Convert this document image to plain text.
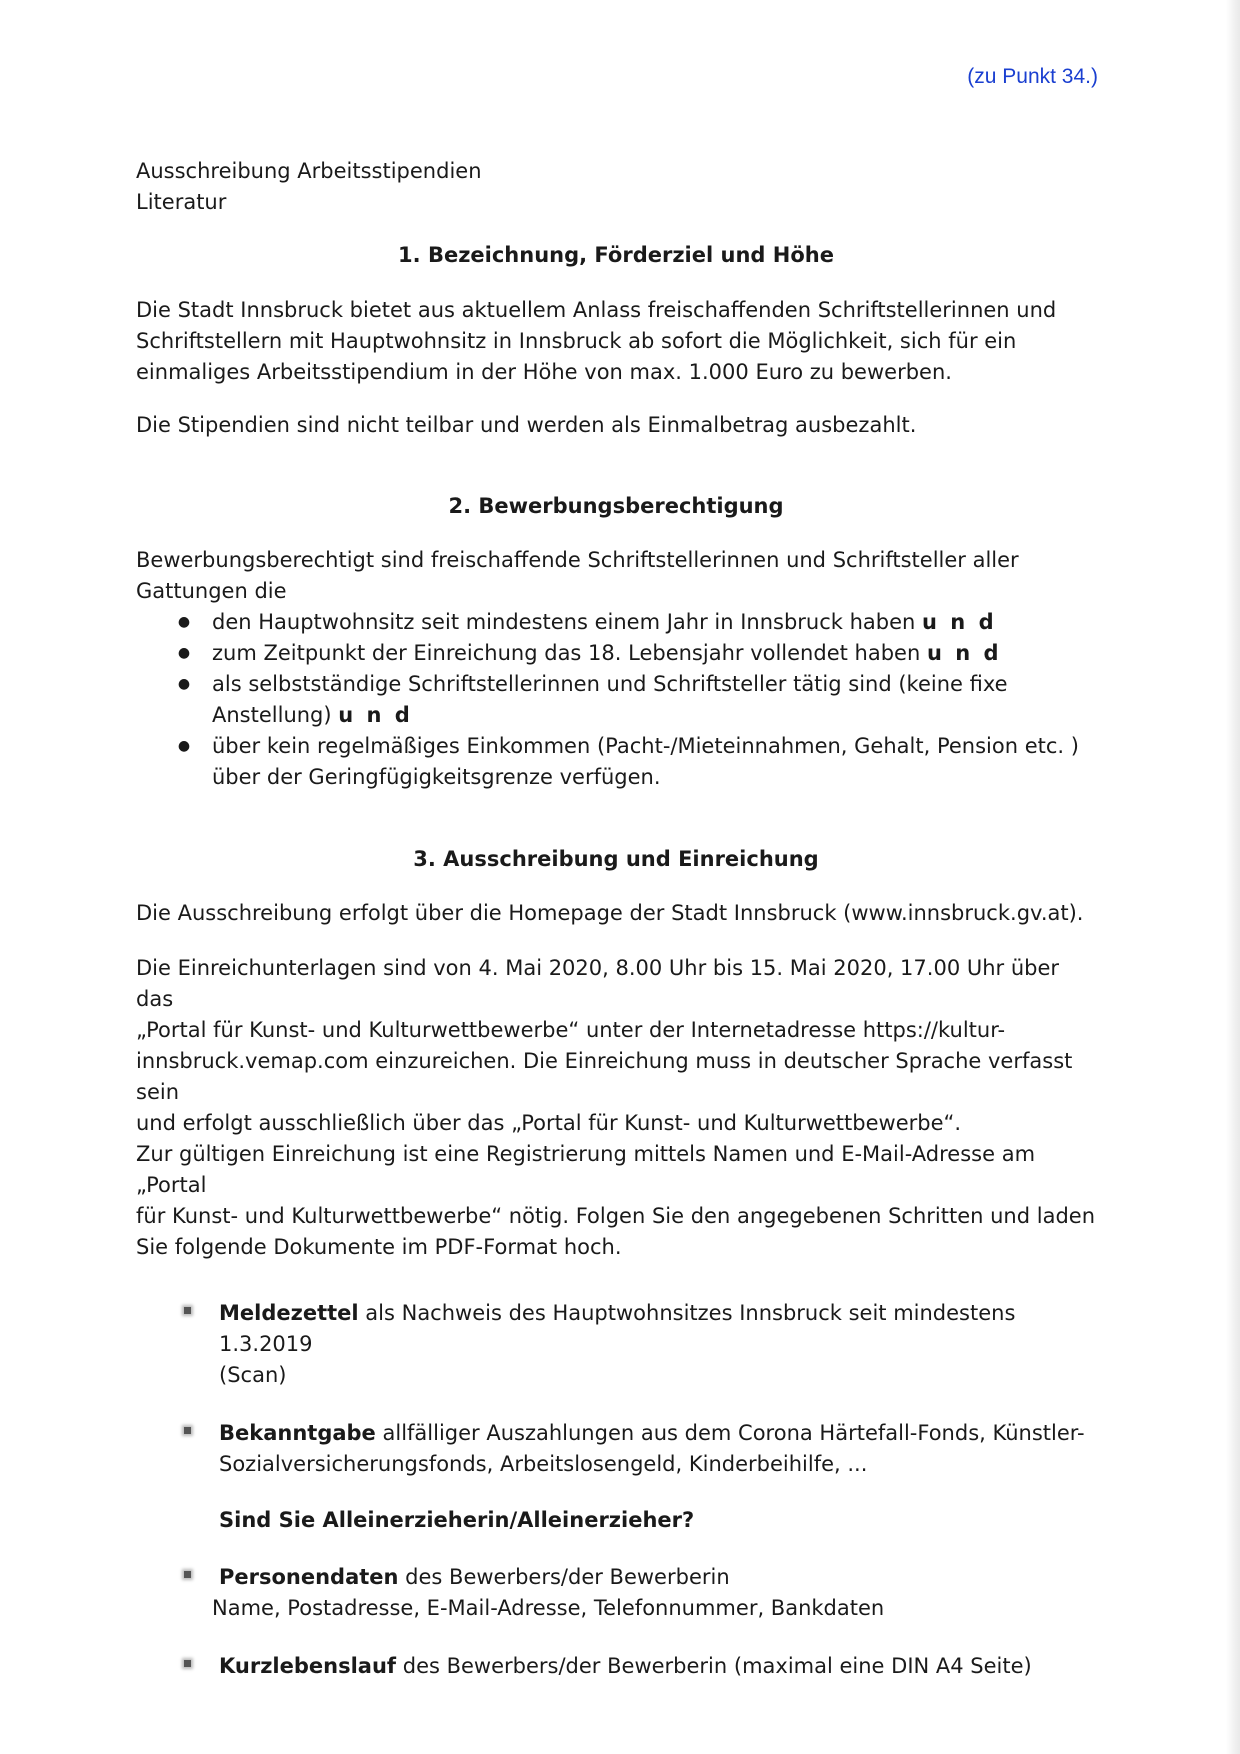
(zu Punkt 34.)

Ausschreibung Arbeitsstipendien

Literatur

1. Bezeichnung, Förderziel und Höhe

Die Stadt Innsbruck bietet aus aktuellem Anlass freischaffenden Schriftstellerinnen und

Schriftstellern mit Hauptwohnsitz in Innsbruck ab sofort die Möglichkeit, sich für ein

einmaliges Arbeitsstipendium in der Höhe von max. 1.000 Euro zu bewerben.

Die Stipendien sind nicht teilbar und werden als Einmalbetrag ausbezahlt.

2. Bewerbungsberechtigung

Bewerbungsberechtigt sind freischaffende Schriftstellerinnen und Schriftsteller aller

Gattungen die

● den Hauptwohnsitz seit mindestens einem Jahr in Innsbruck haben u n d
● zum Zeitpunkt der Einreichung das 18. Lebensjahr vollendet haben u n d
● als selbstständige Schriftstellerinnen und Schriftsteller tätig sind (keine fixe
Anstellung) u n d
● über kein regelmäßiges Einkommen (Pacht-/Mieteinnahmen, Gehalt, Pension etc. )
über der Geringfügigkeitsgrenze verfügen.

3. Ausschreibung und Einreichung

Die Ausschreibung erfolgt über die Homepage der Stadt Innsbruck (www.innsbruck.gv.at).

Die Einreichunterlagen sind von 4. Mai 2020, 8.00 Uhr bis 15. Mai 2020, 17.00 Uhr über das

„Portal für Kunst- und Kulturwettbewerbe“ unter der Internetadresse https://kultur-

innsbruck.vemap.com einzureichen. Die Einreichung muss in deutscher Sprache verfasst sein

und erfolgt ausschließlich über das „Portal für Kunst- und Kulturwettbewerbe“.

Zur gültigen Einreichung ist eine Registrierung mittels Namen und E-Mail-Adresse am „Portal

für Kunst- und Kulturwettbewerbe“ nötig. Folgen Sie den angegebenen Schritten und laden

Sie folgende Dokumente im PDF-Format hoch.

Meldezettel als Nachweis des Hauptwohnsitzes Innsbruck seit mindestens 1.3.2019
(Scan)
Bekanntgabe allfälliger Auszahlungen aus dem Corona Härtefall-Fonds, Künstler-
Sozialversicherungsfonds, Arbeitslosengeld, Kinderbeihilfe, ...

Sind Sie Alleinerzieherin/Alleinerzieher?

Personendaten des Bewerbers/der Bewerberin
Name, Postadresse, E-Mail-Adresse, Telefonnummer, Bankdaten
Kurzlebenslauf des Bewerbers/der Bewerberin (maximal eine DIN A4 Seite)
